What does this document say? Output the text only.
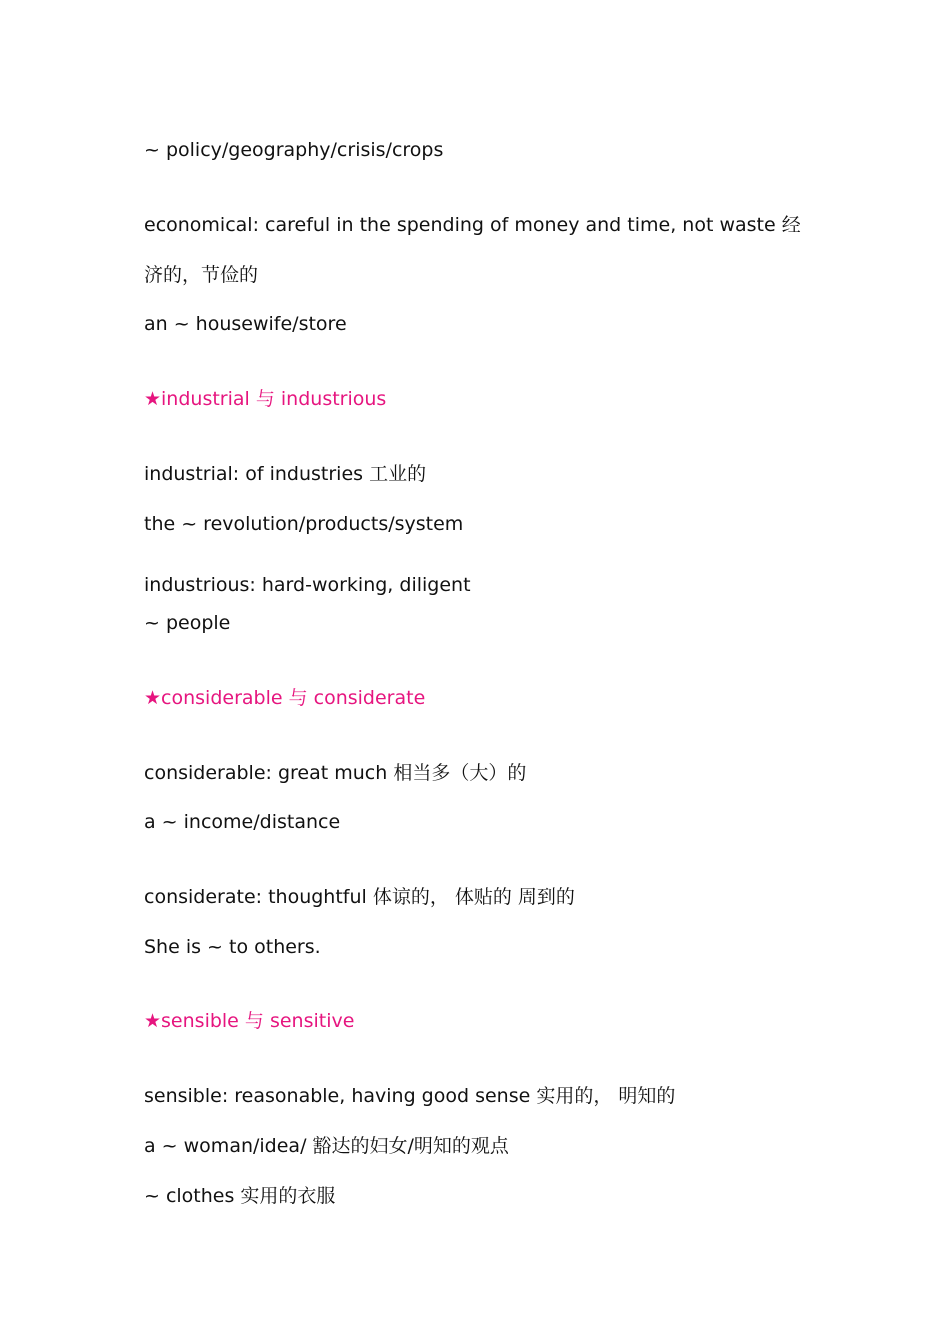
~ policy/geography/crisis/crops
economical: careful in the spending of money and time, not waste 经
济的，节俭的
an ~ housewife/store
★industrial 与 industrious
industrial: of industries 工业的
the ~ revolution/products/system
industrious: hard-working, diligent
~ people
★considerable 与 considerate
considerable: great much 相当多（大）的
a ~ income/distance
considerate: thoughtful 体谅的， 体贴的 周到的
She is ~ to others.
★sensible 与 sensitive
sensible: reasonable, having good sense 实用的， 明知的
a ~ woman/idea/ 豁达的妇女/明知的观点
~ clothes 实用的衣服
